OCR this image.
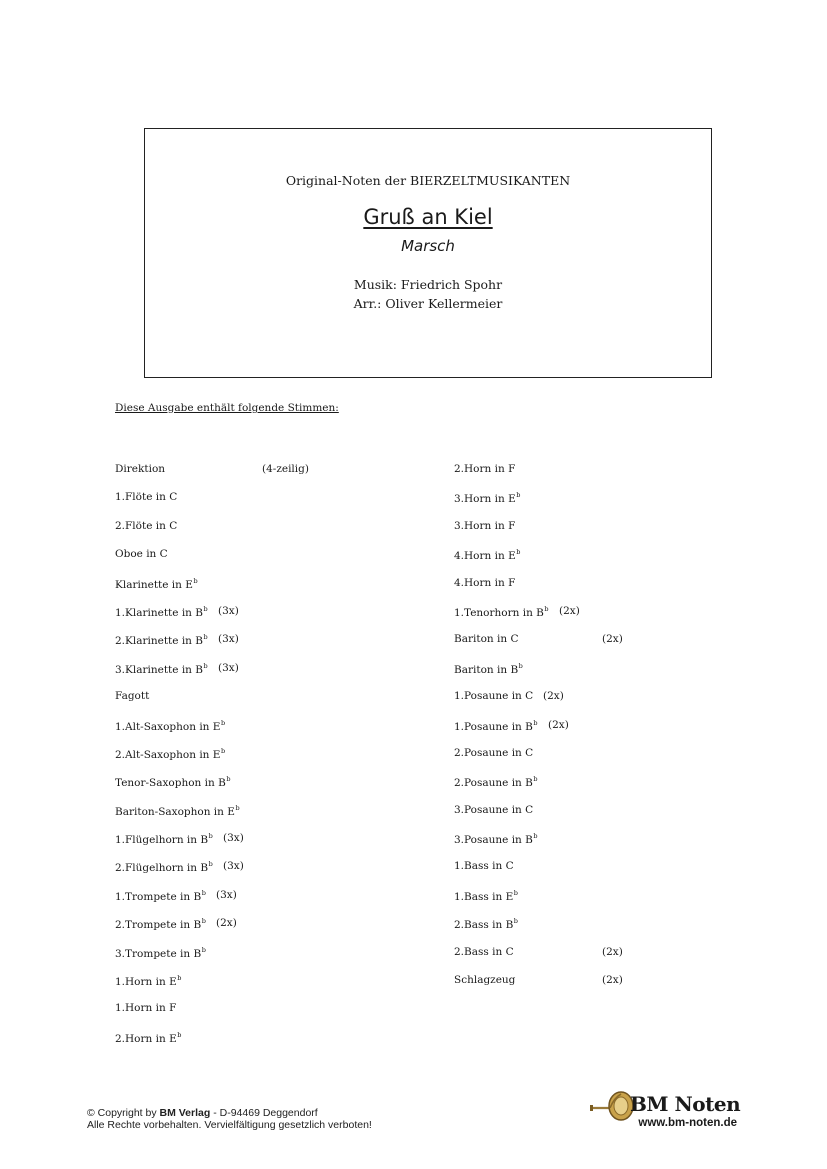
Original-Noten der BIERZELTMUSIKANTEN
Gruß an Kiel
Marsch
Musik: Friedrich Spohr
Arr.: Oliver Kellermeier
Diese Ausgabe enthält folgende Stimmen:
Direktion	(4-zeilig)
1.Flöte in C
2.Flöte in C
Oboe in C
Klarinette in $E^b$
1.Klarinette in $B^b$ (3x)
2.Klarinette in $B^b$ (3x)
3.Klarinette in $B^b$ (3x)
Fagott
1.Alt-Saxophon in $E^b$
2.Alt-Saxophon in $E^b$
Tenor-Saxophon in $B^b$
Bariton-Saxophon in $E^b$
1.Flügelhorn in $B^b$ (3x)
2.Flügelhorn in $B^b$ (3x)
1.Trompete in $B^b$ (3x)
2.Trompete in $B^b$ (2x)
3.Trompete in $B^b$
1.Horn in $E^b$
1.Horn in F
2.Horn in $E^b$
2.Horn in F
3.Horn in $E^b$
3.Horn in F
4.Horn in $E^b$
4.Horn in F
1.Tenorhorn in $B^b$ (2x)
Bariton in C	(2x)
Bariton in $B^b$
1.Posaune in C (2x)
1.Posaune in $B^b$ (2x)
2.Posaune in C
2.Posaune in $B^b$
3.Posaune in C
3.Posaune in $B^b$
1.Bass in C
1.Bass in $E^b$
2.Bass in $B^b$
2.Bass in C	(2x)
Schlagzeug	(2x)
© Copyright by BM Verlag - D-94469 Deggendorf
Alle Rechte vorbehalten. Vervielfältigung gesetzlich verboten!
BM Noten
www.bm-noten.de
